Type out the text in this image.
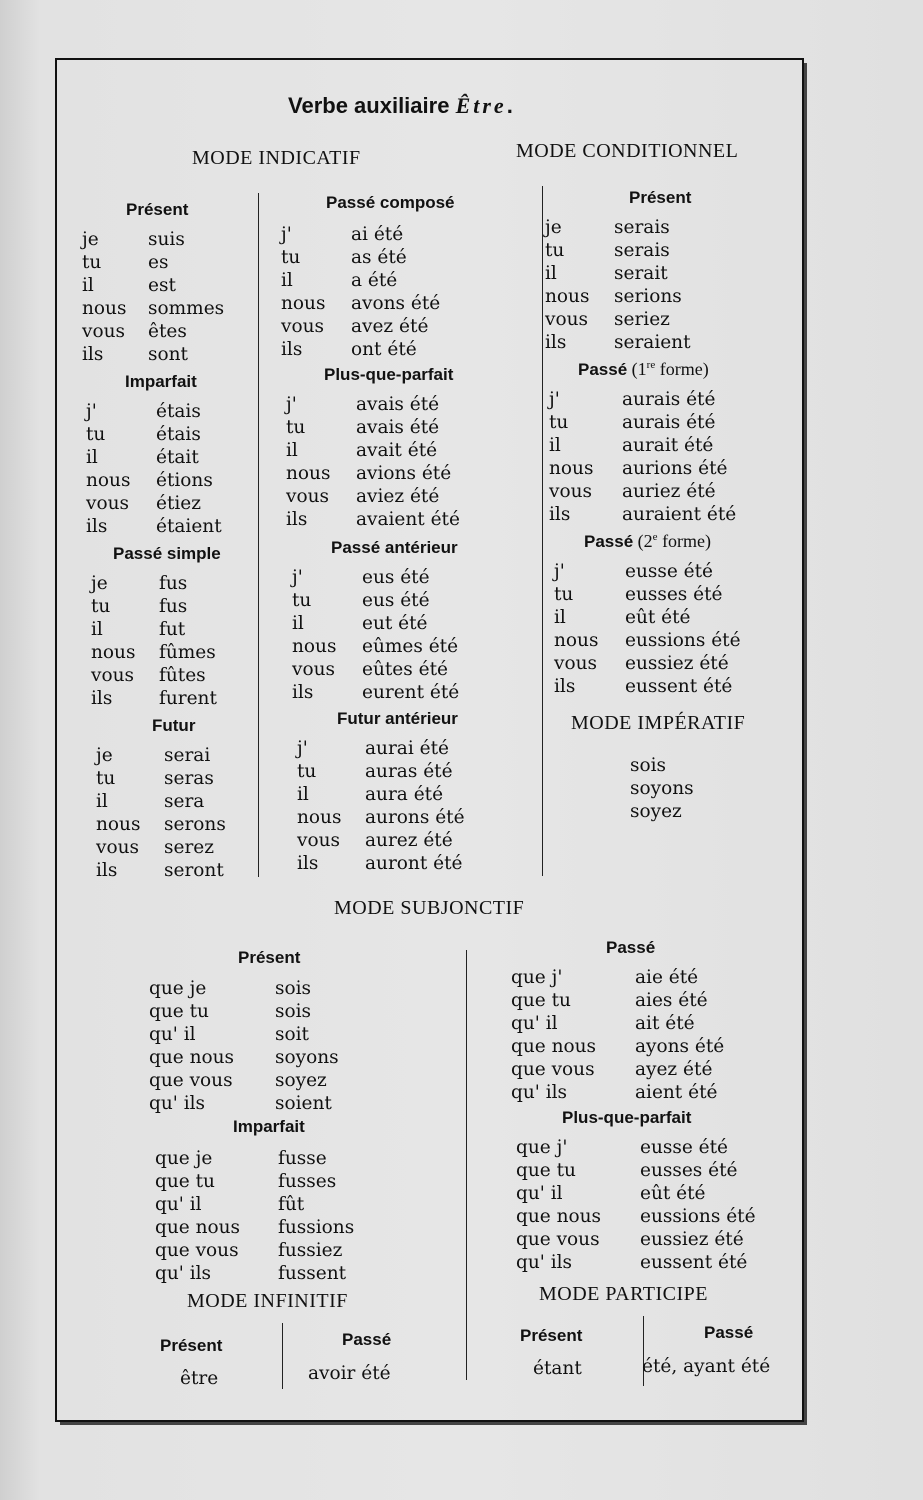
Verbe auxiliaire Être.
MODE INDICATIF	MODE CONDITIONNEL
Présent
je	suis
tu	es
il	est
nous	sommes
vous	êtes
ils	sont
Imparfait
j'	étais
tu	étais
il	était
nous	étions
vous	étiez
ils	étaient
Passé simple
je	fus
tu	fus
il	fut
nous	fûmes
vous	fûtes
ils	furent
Futur
je	serai
tu	seras
il	sera
nous	serons
vous	serez
ils	seront
Passé composé
j'	ai été
tu	as été
il	a été
nous	avons été
vous	avez été
ils	ont été
Plus-que-parfait
j'	avais été
tu	avais été
il	avait été
nous	avions été
vous	aviez été
ils	avaient été
Passé antérieur
j'	eus été
tu	eus été
il	eut été
nous	eûmes été
vous	eûtes été
ils	eurent été
Futur antérieur
j'	aurai été
tu	auras été
il	aura été
nous	aurons été
vous	aurez été
ils	auront été
Présent
je	serais
tu	serais
il	serait
nous	serions
vous	seriez
ils	seraient
Passé (1re forme)
j'	aurais été
tu	aurais été
il	aurait été
nous	aurions été
vous	auriez été
ils	auraient été
Passé (2e forme)
j'	eusse été
tu	eusses été
il	eût été
nous	eussions été
vous	eussiez été
ils	eussent été
Présent
que je	sois
que tu	sois
qu' il	soit
que nous	soyons
que vous	soyez
qu' ils	soient
Imparfait
que je	fusse
que tu	fusses
qu' il	fût
que nous	fussions
que vous	fussiez
qu' ils	fussent
Passé
que j'	aie été
que tu	aies été
qu' il	ait été
que nous	ayons été
que vous	ayez été
qu' ils	aient été
Plus-que-parfait
que j'	eusse été
que tu	eusses été
qu' il	eût été
que nous	eussions été
que vous	eussiez été
qu' ils	eussent été
MODE IMPÉRATIF
sois
soyons
soyez
MODE SUBJONCTIF
MODE INFINITIF	MODE PARTICIPE
Présent
être
Passé
avoir été
Présent
étant
Passé
été, ayant été
